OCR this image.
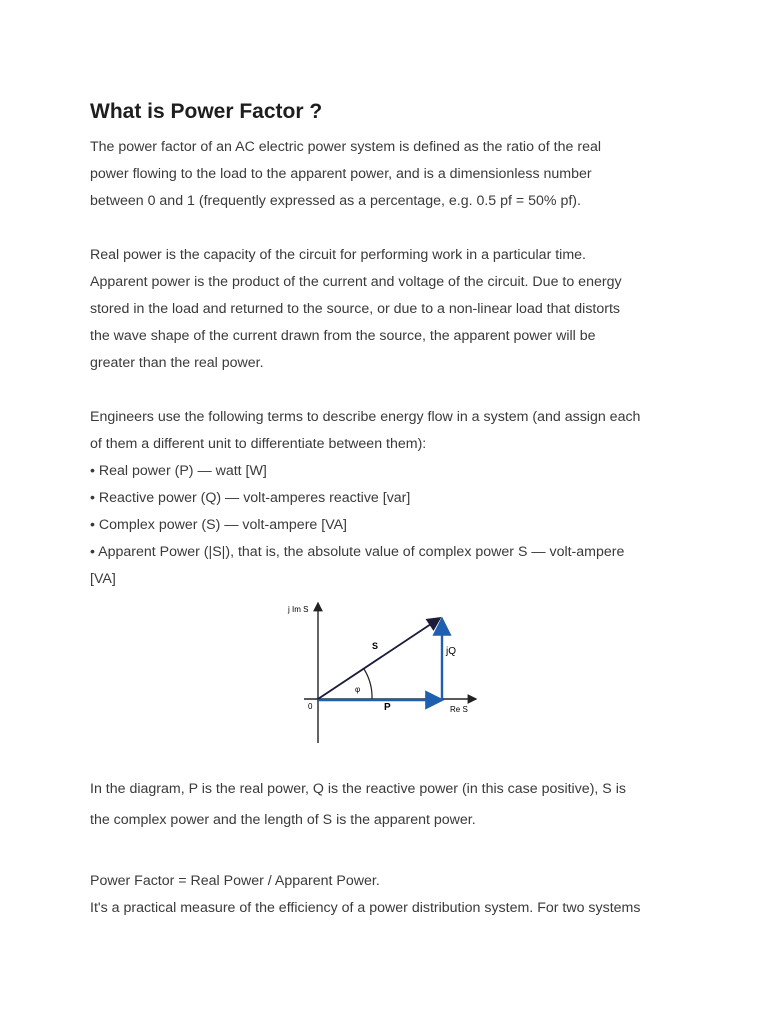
What is Power Factor ?

The power factor of an AC electric power system is defined as the ratio of the real
power flowing to the load to the apparent power, and is a dimensionless number
between 0 and 1 (frequently expressed as a percentage, e.g. 0.5 pf = 50% pf).

Real power is the capacity of the circuit for performing work in a particular time.
Apparent power is the product of the current and voltage of the circuit. Due to energy
stored in the load and returned to the source, or due to a non-linear load that distorts
the wave shape of the current drawn from the source, the apparent power will be
greater than the real power.

Engineers use the following terms to describe energy flow in a system (and assign each
of them a different unit to differentiate between them):
• Real power (P) — watt [W]
• Reactive power (Q) — volt-amperes reactive [var]
• Complex power (S) — volt-ampere [VA]
• Apparent Power (|S|), that is, the absolute value of complex power S — volt-ampere
[VA]

j Im S
Re S
0
S	jQ
P
φ

In the diagram, P is the real power, Q is the reactive power (in this case positive), S is
the complex power and the length of S is the apparent power.

Power Factor = Real Power / Apparent Power.
It's a practical measure of the efficiency of a power distribution system. For two systems
